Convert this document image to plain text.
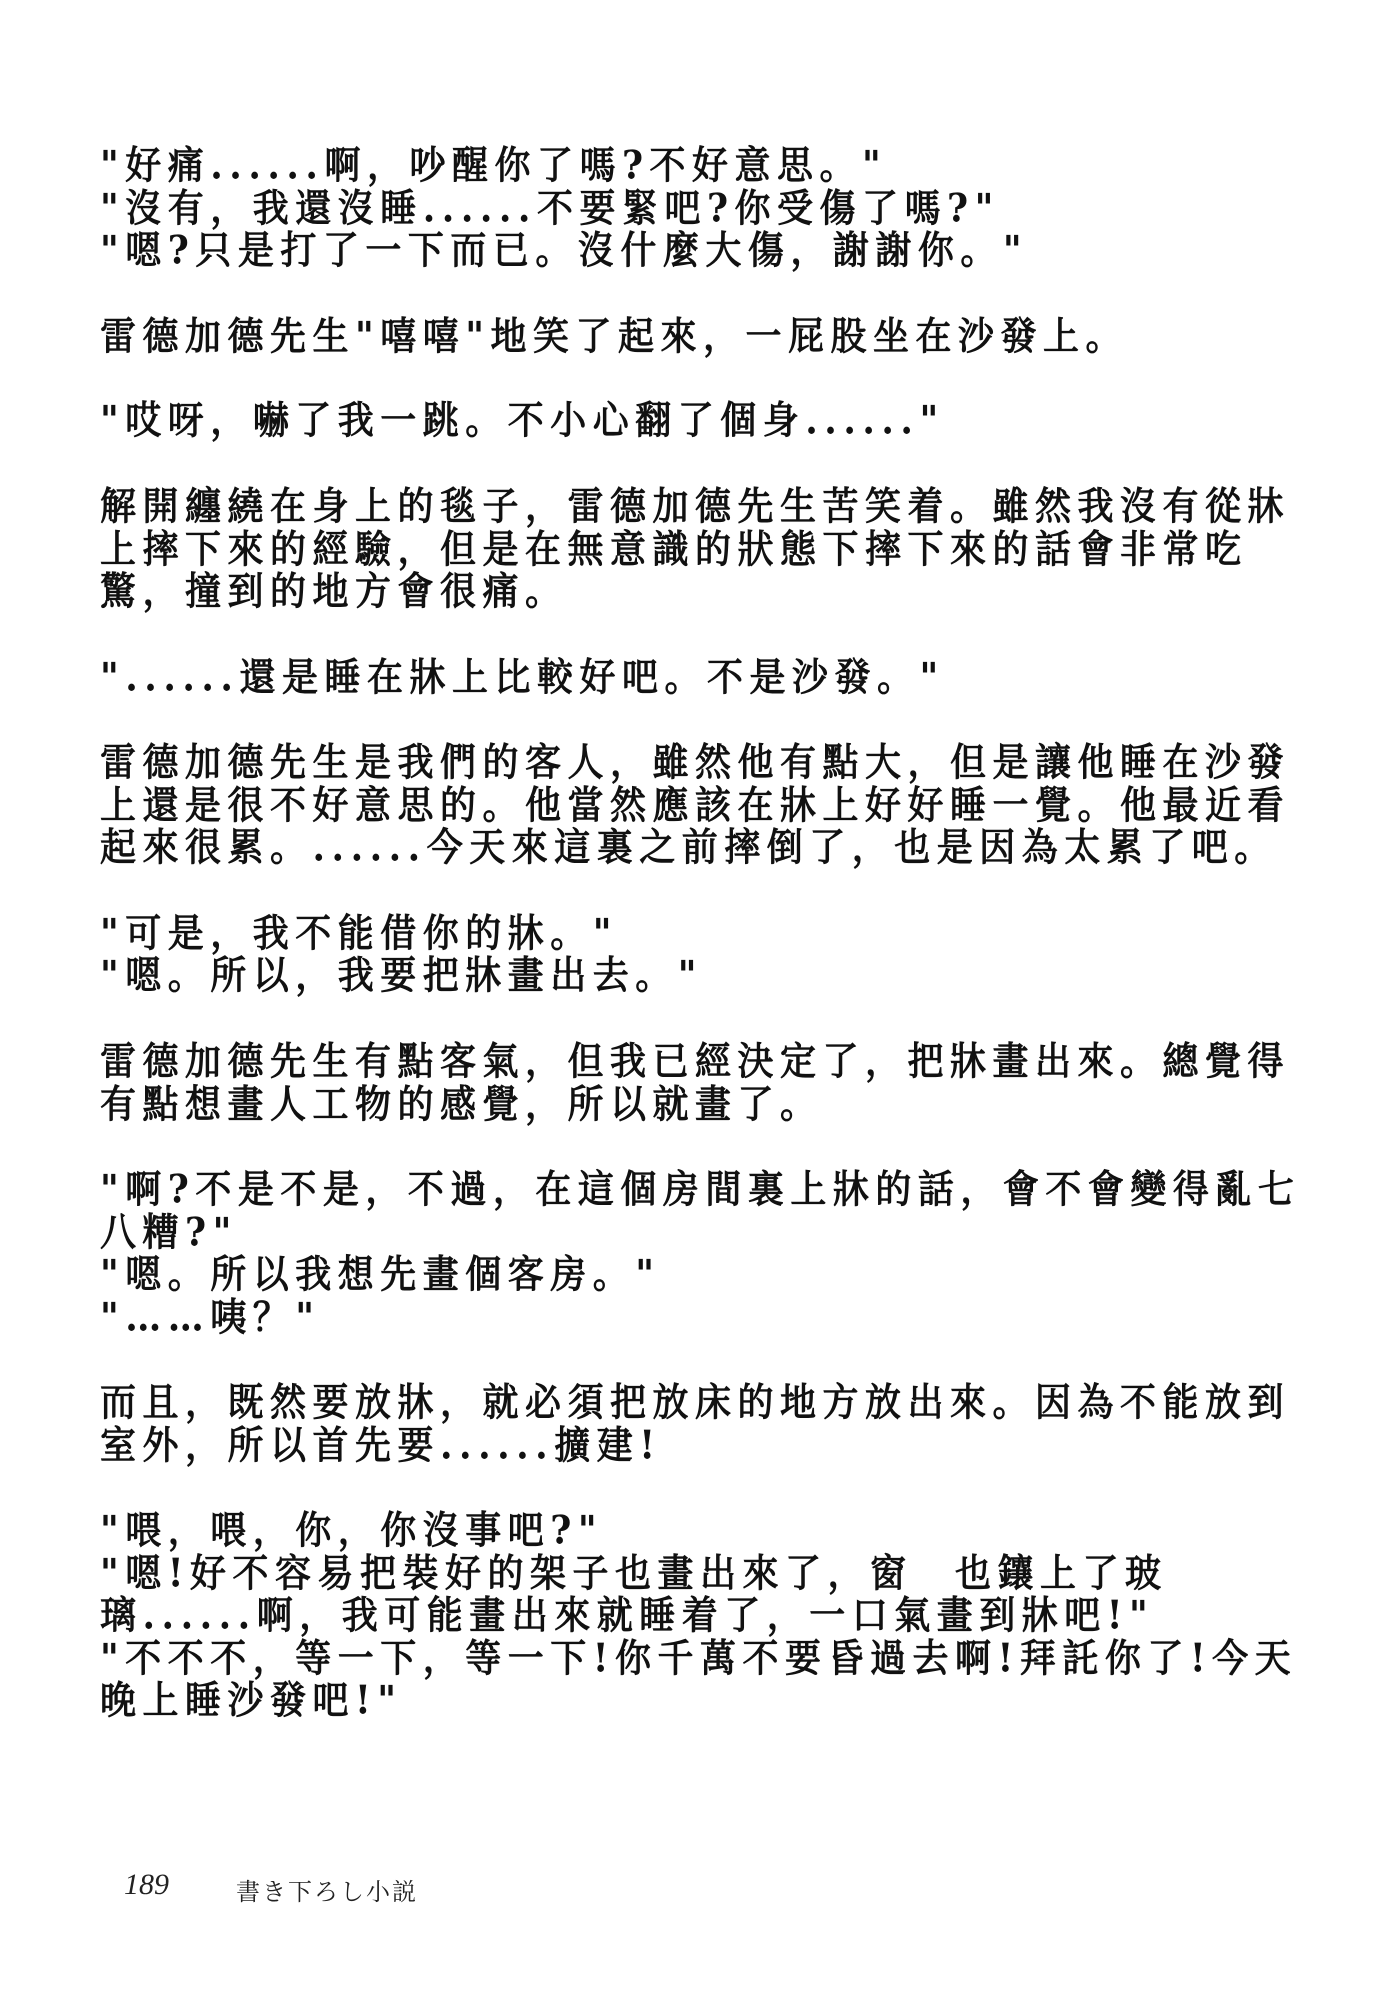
"好痛......啊，吵醒你了嗎?不好意思。"
"沒有，我還沒睡......不要緊吧?你受傷了嗎?"
"嗯?只是打了一下而已。沒什麼大傷，謝謝你。"
雷德加德先生"嘻嘻"地笑了起來，一屁股坐在沙發上。
"哎呀，嚇了我一跳。不小心翻了個身......"
解開纏繞在身上的毯子，雷德加德先生苦笑着。雖然我沒有從牀
上摔下來的經驗，但是在無意識的狀態下摔下來的話會非常吃
驚，撞到的地方會很痛。
"......還是睡在牀上比較好吧。不是沙發。"
雷德加德先生是我們的客人，雖然他有點大，但是讓他睡在沙發
上還是很不好意思的。他當然應該在牀上好好睡一覺。他最近看
起來很累。......今天來這裏之前摔倒了，也是因為太累了吧。
"可是，我不能借你的牀。"
"嗯。所以，我要把牀畫出去。"
雷德加德先生有點客氣，但我已經決定了，把牀畫出來。總覺得
有點想畫人工物的感覺，所以就畫了。
"啊?不是不是，不過，在這個房間裏上牀的話，會不會變得亂七
八糟?"
"嗯。所以我想先畫個客房。"
"……咦？"
而且，既然要放牀，就必須把放床的地方放出來。因為不能放到
室外，所以首先要......擴建!
"喂，喂，你，你沒事吧?"
"嗯!好不容易把裝好的架子也畫出來了，窗　也鑲上了玻
璃......啊，我可能畫出來就睡着了，一口氣畫到牀吧!"
"不不不，等一下，等一下!你千萬不要昏過去啊!拜託你了!今天
晚上睡沙發吧!"
189	書き下ろし小説
